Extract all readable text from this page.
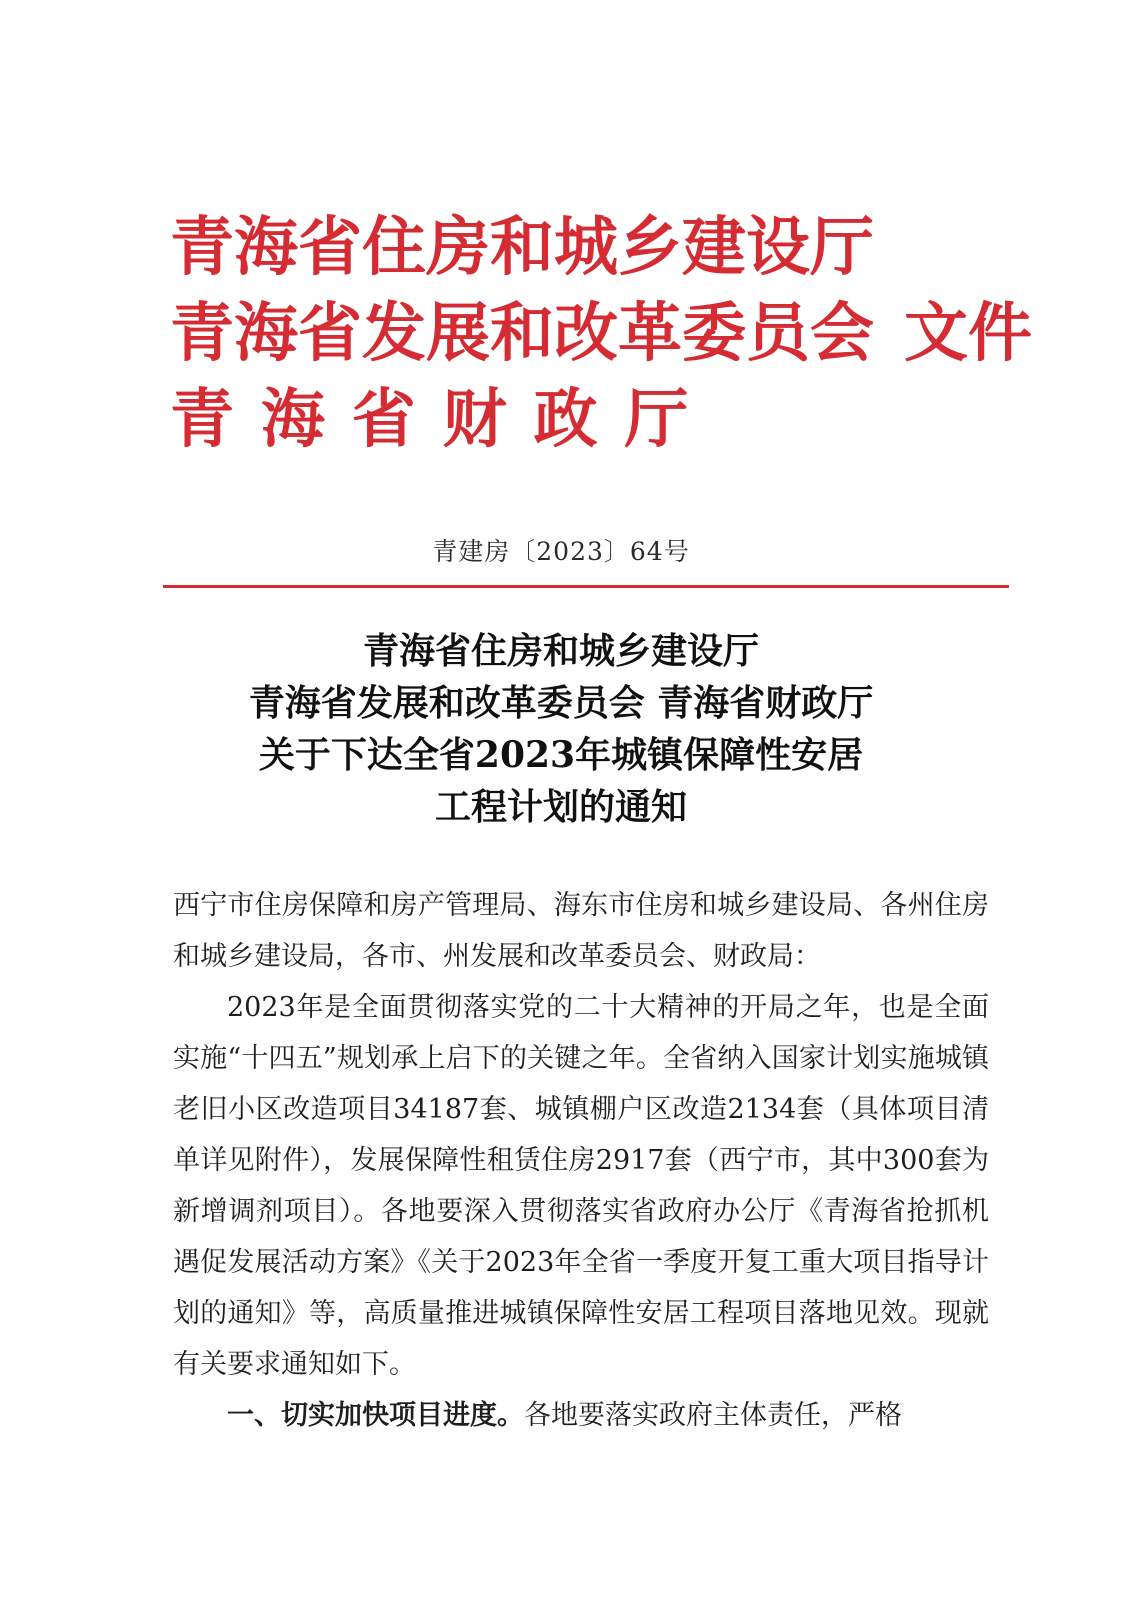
青海省住房和城乡建设厅
青海省发展和改革委员会
青海省财政厅
文件
青建房〔2023〕64号
青海省住房和城乡建设厅
青海省发展和改革委员会 青海省财政厅
关于下达全省2023年城镇保障性安居
工程计划的通知
西宁市住房保障和房产管理局、海东市住房和城乡建设局、各州住房和城乡建设局，各市、州发展和改革委员会、财政局：
2023年是全面贯彻落实党的二十大精神的开局之年，也是全面实施“十四五”规划承上启下的关键之年。全省纳入国家计划实施城镇老旧小区改造项目34187套、城镇棚户区改造2134套（具体项目清单详见附件），发展保障性租赁住房2917套（西宁市，其中300套为新增调剂项目）。各地要深入贯彻落实省政府办公厅《青海省抢抓机遇促发展活动方案》《关于2023年全省一季度开复工重大项目指导计划的通知》等，高质量推进城镇保障性安居工程项目落地见效。现就有关要求通知如下。
一、切实加快项目进度。各地要落实政府主体责任，严格
